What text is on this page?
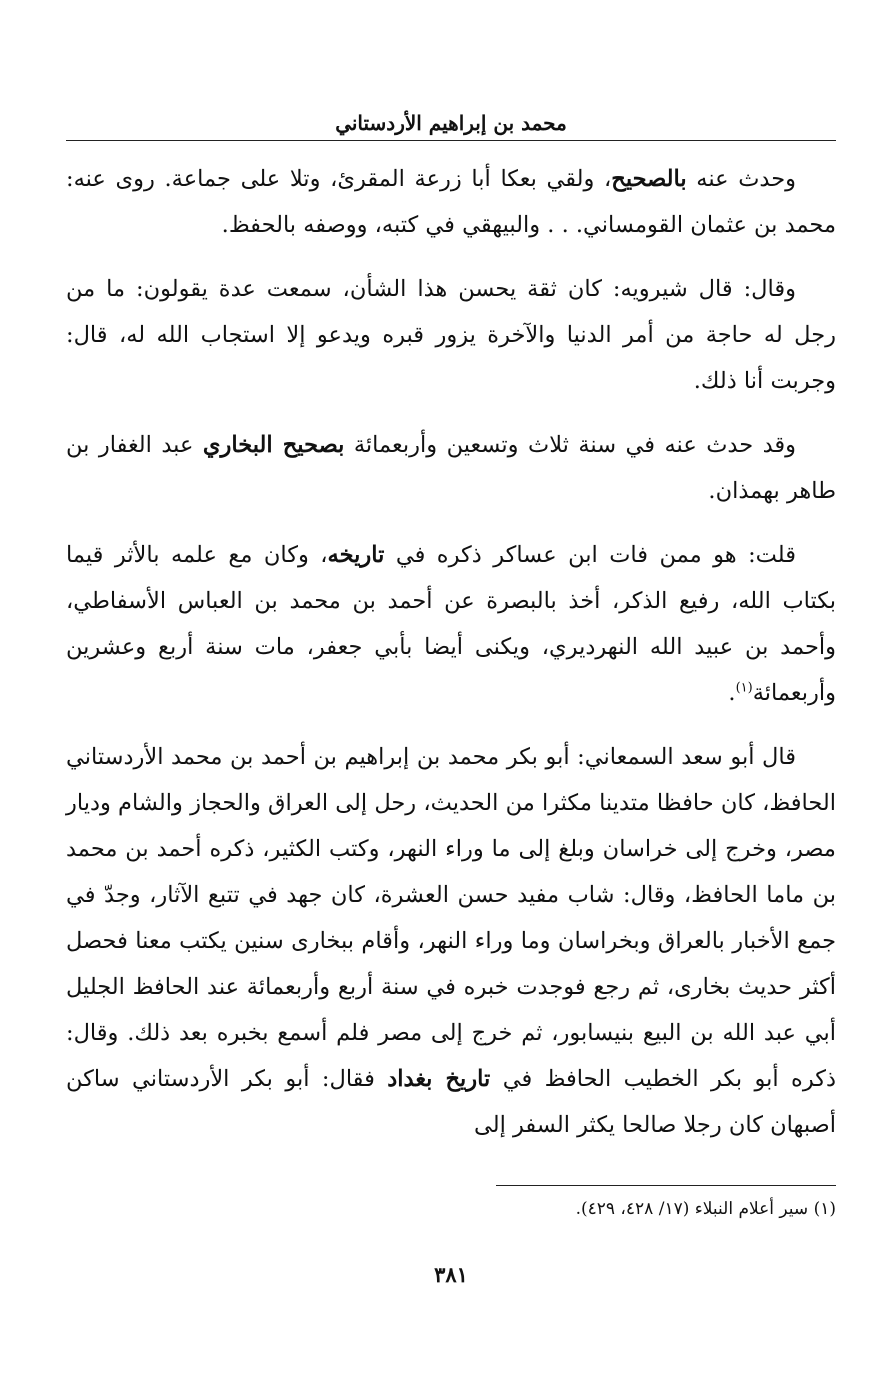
محمد بن إبراهيم الأردستاني

وحدث عنه بالصحيح، ولقي بعكا أبا زرعة المقرئ، وتلا على جماعة. روى عنه: محمد بن عثمان القومساني. . . والبيهقي في كتبه، ووصفه بالحفظ.

وقال: قال شيرويه: كان ثقة يحسن هذا الشأن، سمعت عدة يقولون: ما من رجل له حاجة من أمر الدنيا والآخرة يزور قبره ويدعو إلا استجاب الله له، قال: وجربت أنا ذلك.

وقد حدث عنه في سنة ثلاث وتسعين وأربعمائة بصحيح البخاري عبد الغفار بن طاهر بهمذان.

قلت: هو ممن فات ابن عساكر ذكره في تاريخه، وكان مع علمه بالأثر قيما بكتاب الله، رفيع الذكر، أخذ بالبصرة عن أحمد بن محمد بن العباس الأسفاطي، وأحمد بن عبيد الله النهرديري، ويكنى أيضا بأبي جعفر، مات سنة أربع وعشرين وأربعمائة$^{(١)}$.

قال أبو سعد السمعاني: أبو بكر محمد بن إبراهيم بن أحمد بن محمد الأردستاني الحافظ، كان حافظا متدينا مكثرا من الحديث، رحل إلى العراق والحجاز والشام وديار مصر، وخرج إلى خراسان وبلغ إلى ما وراء النهر، وكتب الكثير، ذكره أحمد بن محمد بن ماما الحافظ، وقال: شاب مفيد حسن العشرة، كان جهد في تتبع الآثار، وجدّ في جمع الأخبار بالعراق وبخراسان وما وراء النهر، وأقام ببخارى سنين يكتب معنا فحصل أكثر حديث بخارى، ثم رجع فوجدت خبره في سنة أربع وأربعمائة عند الحافظ الجليل أبي عبد الله بن البيع بنيسابور، ثم خرج إلى مصر فلم أسمع بخبره بعد ذلك. وقال: ذكره أبو بكر الخطيب الحافظ في تاريخ بغداد فقال: أبو بكر الأردستاني ساكن أصبهان كان رجلا صالحا يكثر السفر إلى

(١) سير أعلام النبلاء (١٧/ ٤٢٨، ٤٢٩).
٣٨١
